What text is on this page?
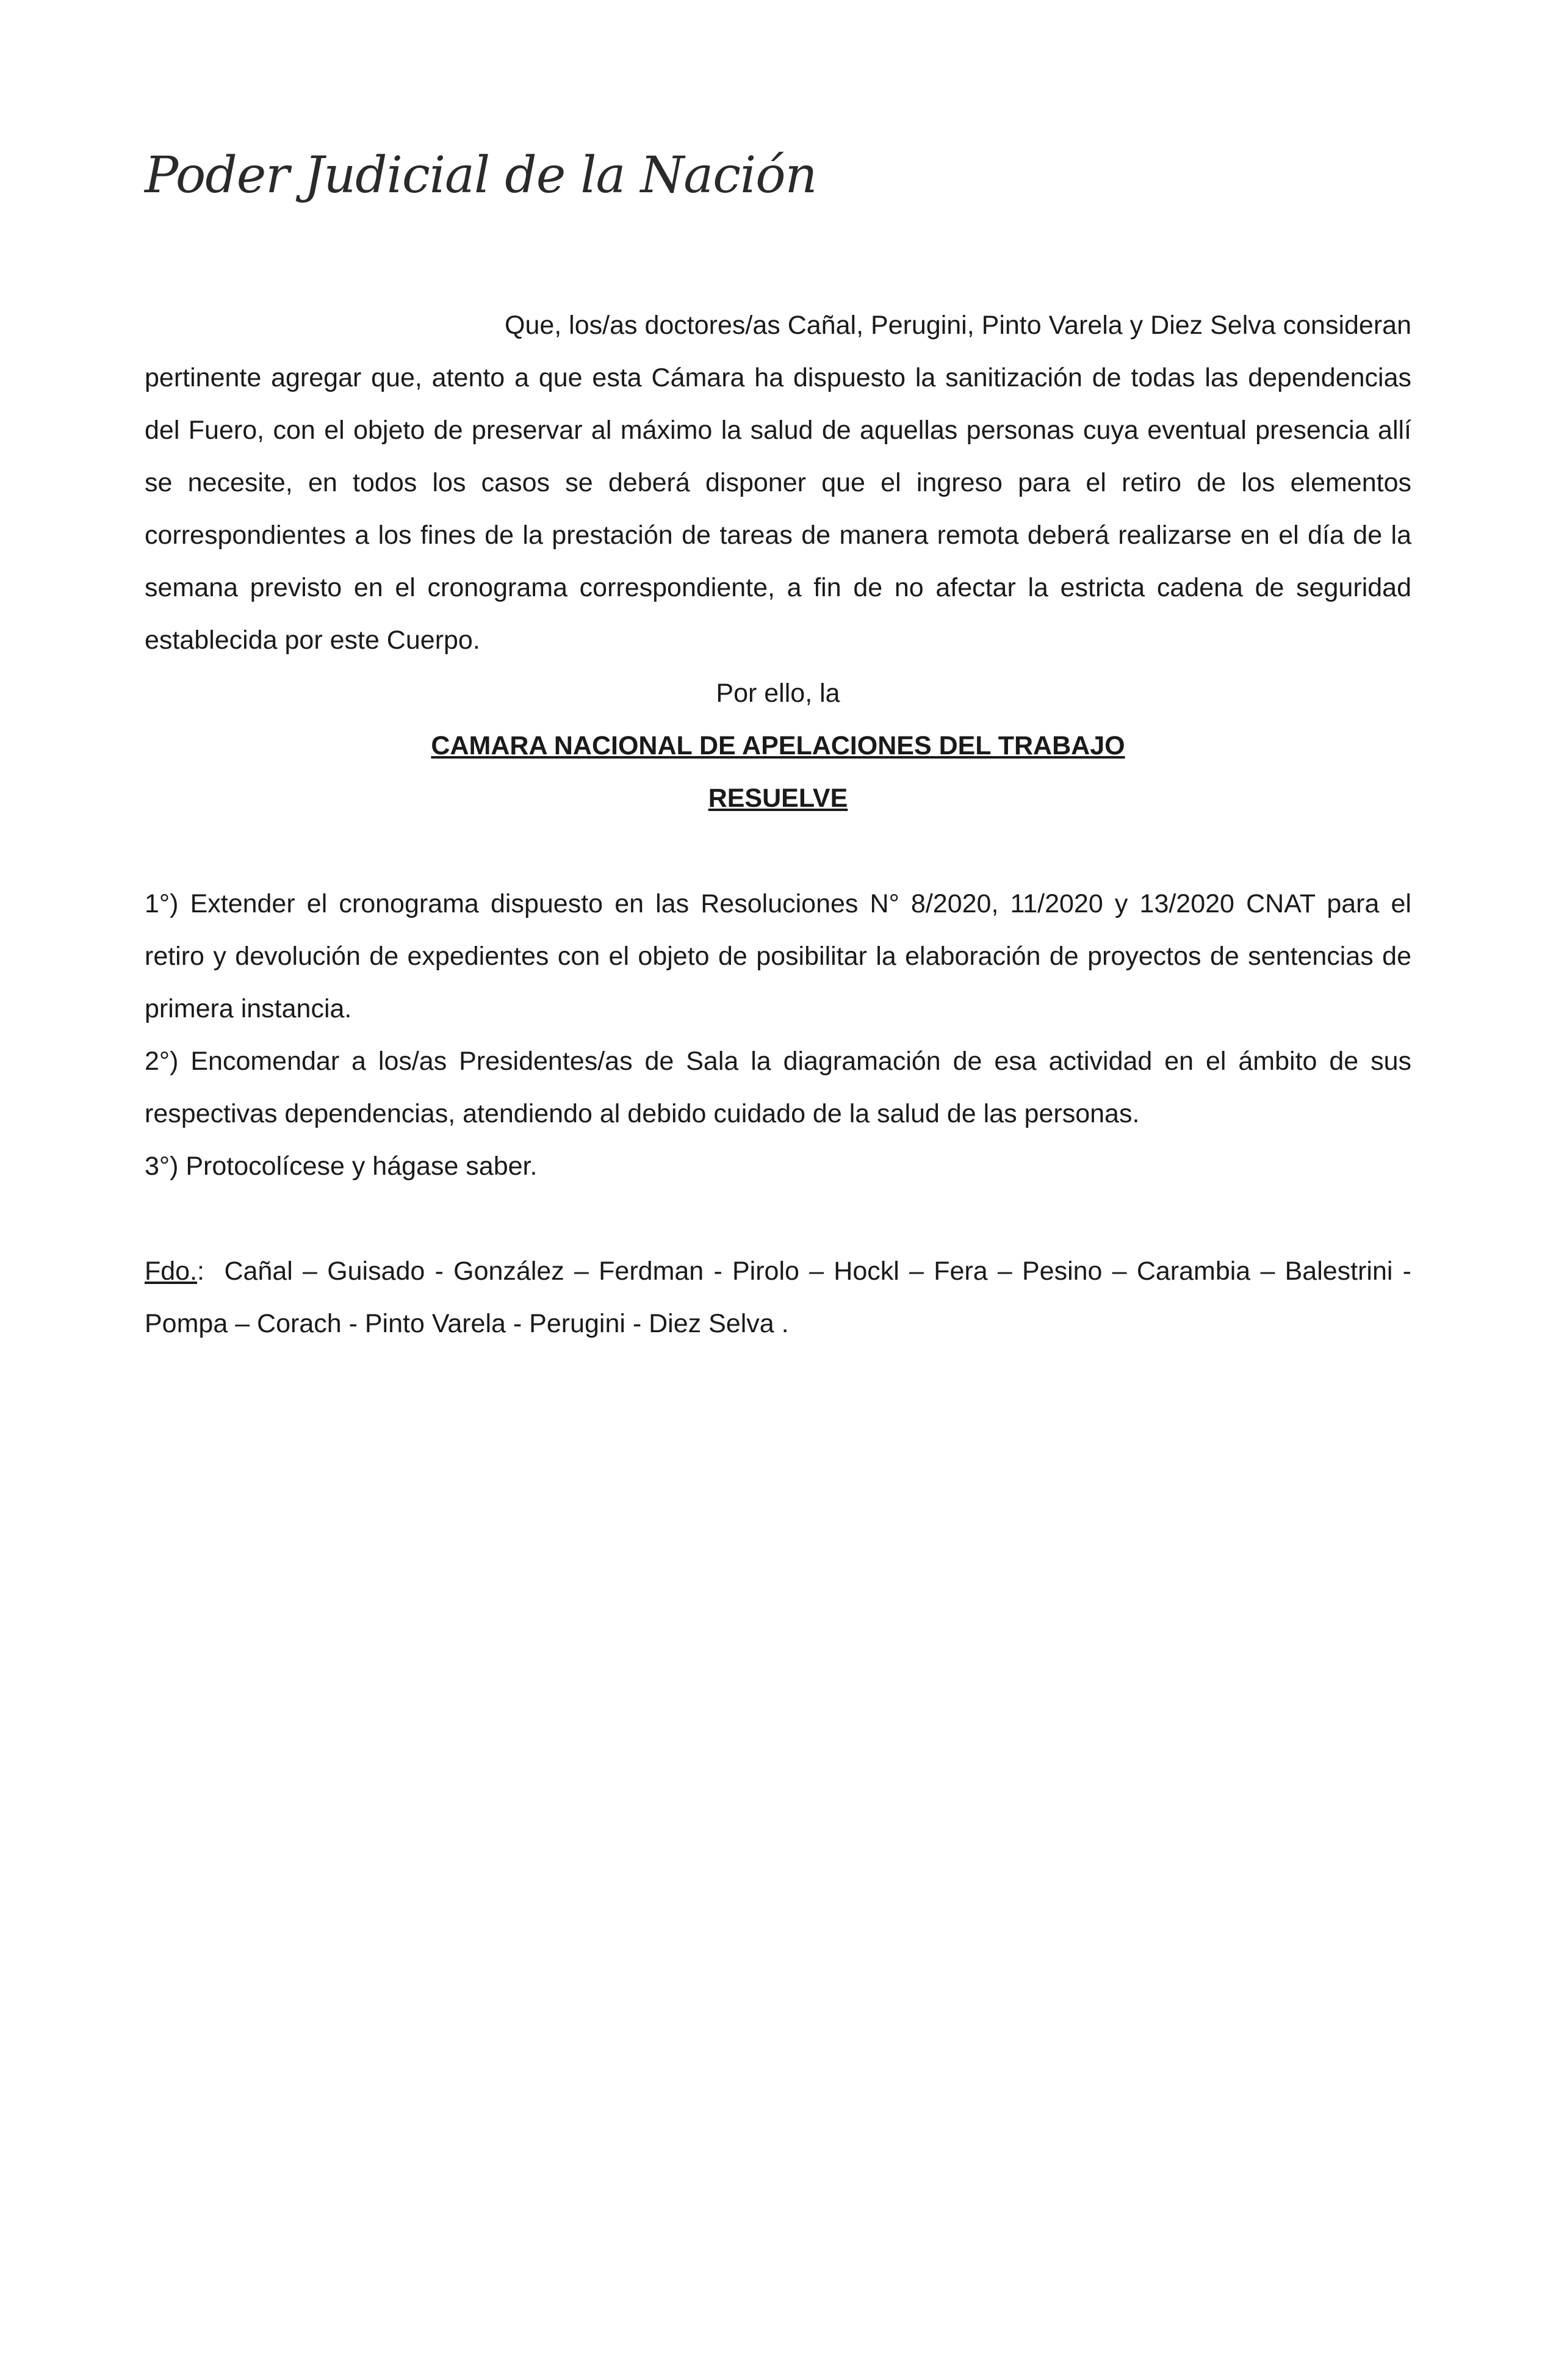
Poder Judicial de la Nación

Que, los/as doctores/as Cañal, Perugini, Pinto Varela y Diez Selva consideran pertinente agregar que, atento a que esta Cámara ha dispuesto la sanitización de todas las dependencias del Fuero, con el objeto de preservar al máximo la salud de aquellas personas cuya eventual presencia allí se necesite, en todos los casos se deberá disponer que el ingreso para el retiro de los elementos correspondientes a los fines de la prestación de tareas de manera remota deberá realizarse en el día de la semana previsto en el cronograma correspondiente, a fin de no afectar la estricta cadena de seguridad establecida por este Cuerpo.

Por ello, la
CAMARA NACIONAL DE APELACIONES DEL TRABAJO
RESUELVE
1°) Extender el cronograma dispuesto en las Resoluciones N° 8/2020, 11/2020 y 13/2020 CNAT para el retiro y devolución de expedientes con el objeto de posibilitar la elaboración de proyectos de sentencias de primera instancia.
2°) Encomendar a los/as Presidentes/as de Sala la diagramación de esa actividad en el ámbito de sus respectivas dependencias, atendiendo al debido cuidado de la salud de las personas.
3°) Protocolícese y hágase saber.

Fdo.: Cañal – Guisado - González – Ferdman - Pirolo – Hockl – Fera – Pesino – Carambia – Balestrini - Pompa – Corach - Pinto Varela - Perugini - Diez Selva .
